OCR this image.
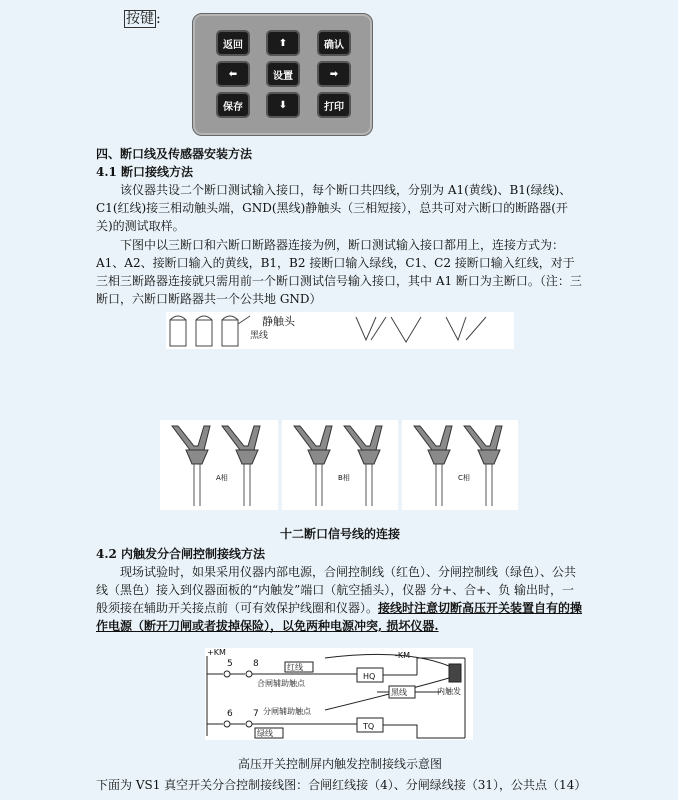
按键 :
返回	⬆	确认
⬅	设置	➡
保存	⬇	打印
四、断口线及传感器安装方法
4.1 断口接线方法
该仪器共设二个断口测试输入接口，每个断口共四线，分别为 A1(黄线)、B1(绿线)、C1(红线)接三相动触头端，GND(黑线)静触头（三相短接），总共可对六断口的断路器(开关)的测试取样。
下图中以三断口和六断口断路器连接为例，断口测试输入接口都用上，连接方式为：A1、A2、接断口输入的黄线，B1，B2 接断口输入绿线，C1、C2 接断口输入红线，对于三相三断路器连接就只需用前一个断口测试信号输入接口，其中 A1 断口为主断口。（注：三断口，六断口断路器共一个公共地 GND）
静触头
黑线
A相	B相	C相
十二断口信号线的连接
4.2 内触发分合闸控制接线方法
现场试验时，如果采用仪器内部电源，合闸控制线（红色）、分闸控制线（绿色）、公共线（黑色）接入到仪器面板的“内触发”端口（航空插头），仪器 分+、合+、负 输出时，一般须接在辅助开关接点前（可有效保护线圈和仪器）。接线时注意切断高压开关装置自有的操作电源（断开刀闸或者拔掉保险），以免两种电源冲突, 损坏仪器.
+KM	-KM
5 8	红线
合闸辅助触点
HQ
黑线	内触发
6 7 分闸辅助触点
TQ
绿线
高压开关控制屏内触发控制接线示意图
下面为 VS1 真空开关分合控制接线图：合闸红线接（4）、分闸绿线接（31），公共点（14）
